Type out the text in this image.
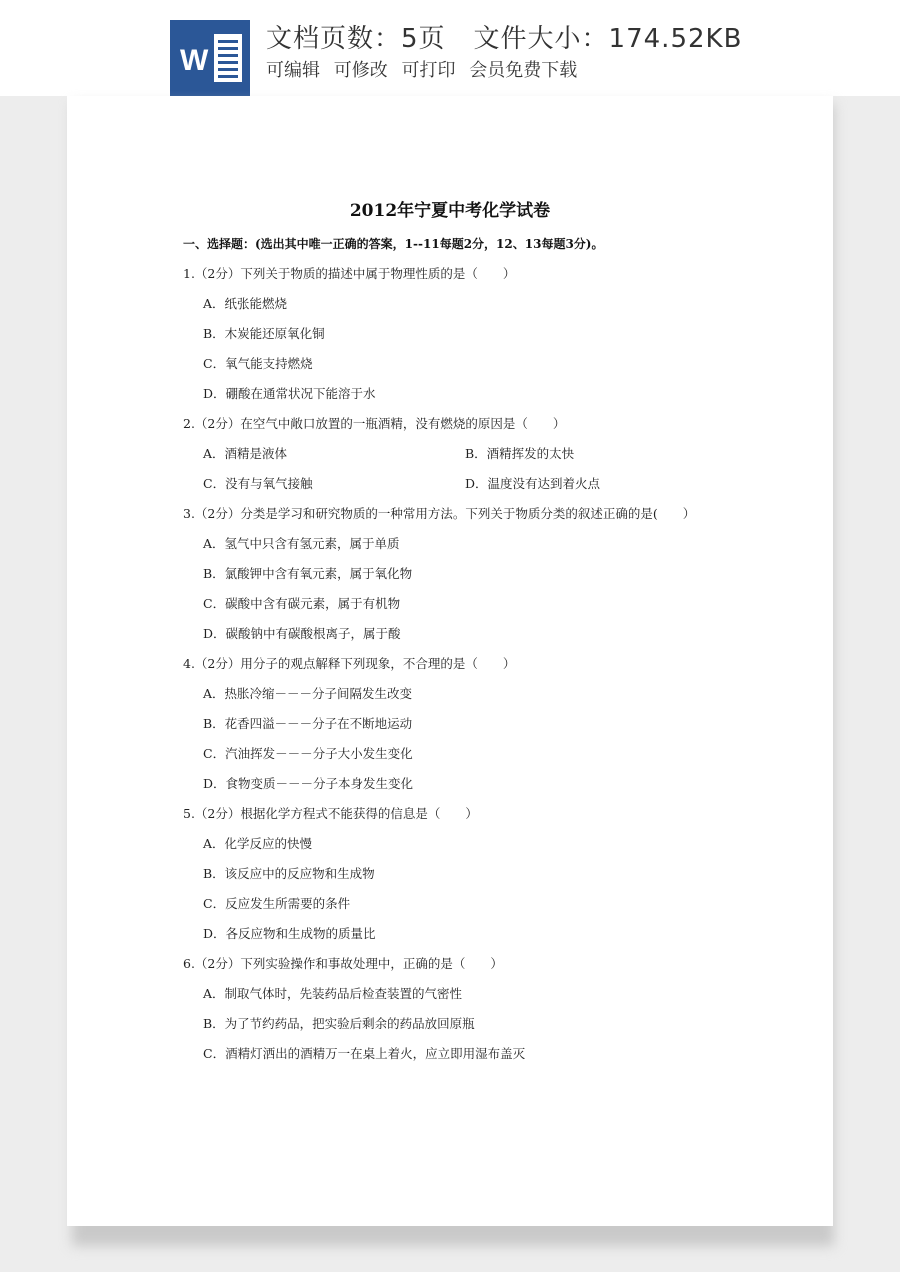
W
文档页数：5页 文件大小：174.52KB
可编辑 可修改 可打印 会员免费下载
2012年宁夏中考化学试卷
一、选择题：(选出其中唯一正确的答案，1--11每题2分，12、13每题3分)。
1.（2分）下列关于物质的描述中属于物理性质的是（　　）
A．纸张能燃烧
B．木炭能还原氧化铜
C．氧气能支持燃烧
D．硼酸在通常状况下能溶于水
2.（2分）在空气中敞口放置的一瓶酒精，没有燃烧的原因是（　　）
A．酒精是液体	B．酒精挥发的太快
C．没有与氧气接触	D．温度没有达到着火点
3.（2分）分类是学习和研究物质的一种常用方法。下列关于物质分类的叙述正确的是(　　）
A．氢气中只含有氢元素，属于单质
B．氯酸钾中含有氧元素，属于氧化物
C．碳酸中含有碳元素，属于有机物
D．碳酸钠中有碳酸根离子，属于酸
4.（2分）用分子的观点解释下列现象，不合理的是（　　）
A．热胀冷缩－－－分子间隔发生改变
B．花香四溢－－－分子在不断地运动
C．汽油挥发－－－分子大小发生变化
D．食物变质－－－分子本身发生变化
5.（2分）根据化学方程式不能获得的信息是（　　）
A．化学反应的快慢
B．该反应中的反应物和生成物
C．反应发生所需要的条件
D．各反应物和生成物的质量比
6.（2分）下列实验操作和事故处理中，正确的是（　　）
A．制取气体时，先装药品后检查装置的气密性
B．为了节约药品，把实验后剩余的药品放回原瓶
C．酒精灯洒出的酒精万一在桌上着火，应立即用湿布盖灭
